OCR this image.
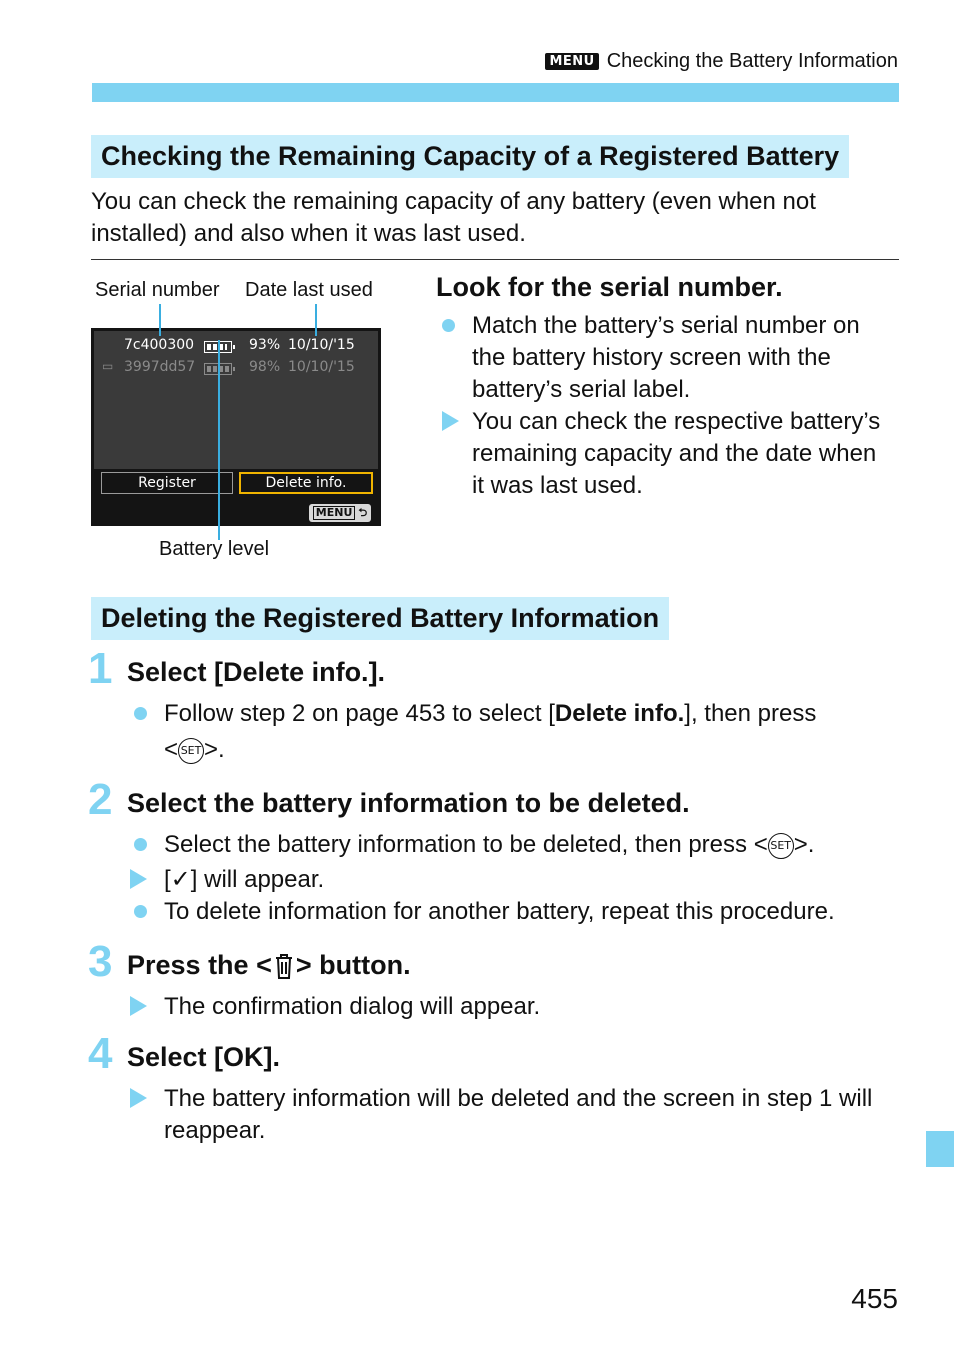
MENU Checking the Battery Information
Checking the Remaining Capacity of a Registered Battery
You can check the remaining capacity of any battery (even when not installed) and also when it was last used.
Serial number Date last used
7c400300	93% 10/10/'15
▭ 3997dd57	98% 10/10/'15
Register	Delete info.
MENU ⮌
Battery level
Look for the serial number.
Match the battery’s serial number on the battery history screen with the battery’s serial label.
You can check the respective battery’s remaining capacity and the date when it was last used.
Deleting the Registered Battery Information
1 Select [Delete info.].
Follow step 2 on page 453 to select [Delete info.], then press
< SET >.
2 Select the battery information to be deleted.
Select the battery information to be deleted, then press < SET >.
[✓] will appear.
To delete information for another battery, repeat this procedure.
3 Press the < > button.
The confirmation dialog will appear.
4 Select [OK].
The battery information will be deleted and the screen in step 1 will reappear.
455
